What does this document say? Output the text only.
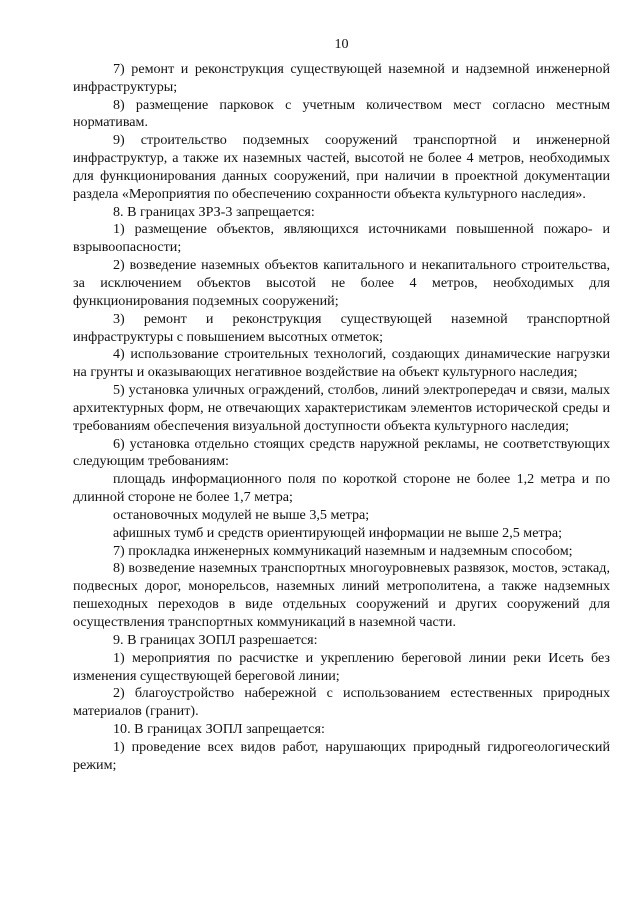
10

7) ремонт и реконструкция существующей наземной и надземной инженерной инфраструктуры;

8) размещение парковок с учетным количеством мест согласно местным нормативам.

9) строительство подземных сооружений транспортной и инженерной инфраструктур, а также их наземных частей, высотой не более 4 метров, необходимых для функционирования данных сооружений, при наличии в проектной документации раздела «Мероприятия по обеспечению сохранности объекта культурного наследия».

8. В границах ЗРЗ-3 запрещается:

1) размещение объектов, являющихся источниками повышенной пожаро- и взрывоопасности;

2) возведение наземных объектов капитального и некапитального строительства, за исключением объектов высотой не более 4 метров, необходимых для функционирования подземных сооружений;

3) ремонт и реконструкция существующей наземной транспортной инфраструктуры с повышением высотных отметок;

4) использование строительных технологий, создающих динамические нагрузки на грунты и оказывающих негативное воздействие на объект культурного наследия;

5) установка уличных ограждений, столбов, линий электропередач и связи, малых архитектурных форм, не отвечающих характеристикам элементов исторической среды и требованиям обеспечения визуальной доступности объекта культурного наследия;

6) установка отдельно стоящих средств наружной рекламы, не соответствующих следующим требованиям:

площадь информационного поля по короткой стороне не более 1,2 метра и по длинной стороне не более 1,7 метра;

остановочных модулей не выше 3,5 метра;

афишных тумб и средств ориентирующей информации не выше 2,5 метра;

7) прокладка инженерных коммуникаций наземным и надземным способом;

8) возведение наземных транспортных многоуровневых развязок, мостов, эстакад, подвесных дорог, монорельсов, наземных линий метрополитена, а также надземных пешеходных переходов в виде отдельных сооружений и других сооружений для осуществления транспортных коммуникаций в наземной части.

9. В границах ЗОПЛ разрешается:

1) мероприятия по расчистке и укреплению береговой линии реки Исеть без изменения существующей береговой линии;

2) благоустройство набережной с использованием естественных природных материалов (гранит).

10. В границах ЗОПЛ запрещается:

1) проведение всех видов работ, нарушающих природный гидрогеологический режим;
